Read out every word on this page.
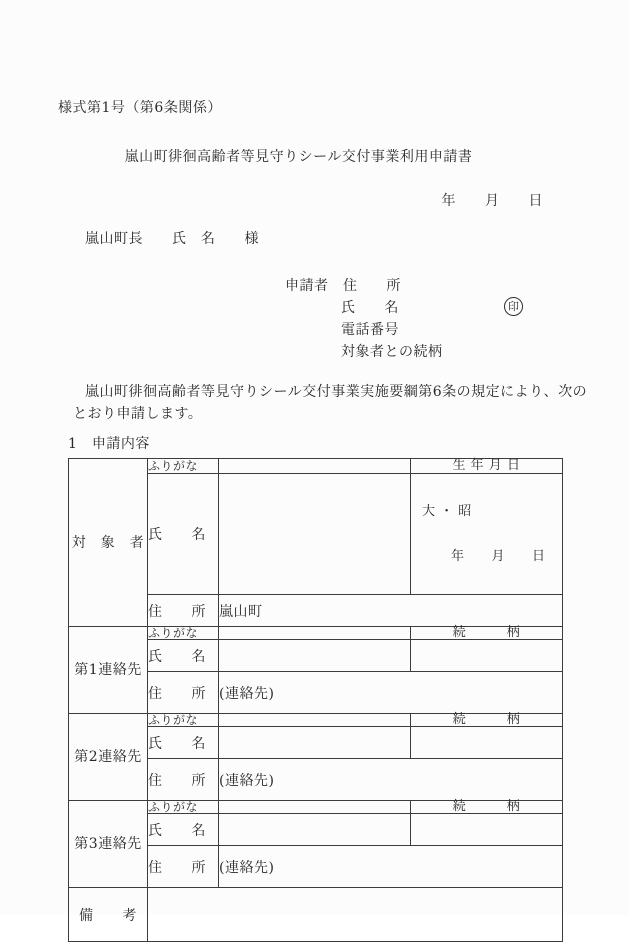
様式第1号（第6条関係）
嵐山町徘徊高齢者等見守りシール交付事業利用申請書
年　　月　　日
嵐山町長　　氏　名　　様
申請者　住　　所
氏　　名	印
電話番号
対象者との続柄
嵐山町徘徊高齢者等見守りシール交付事業実施要綱第6条の規定により、次の
とおり申請します。
1　申請内容
対　象　者	ふりがな		生 年 月 日
	氏　　名		大 ・ 昭

年　　月　　日

	住　　所	嵐山町	
第1連絡先	ふりがな		続　　　柄
	氏　　名		
	住　　所	(連絡先)	
第2連絡先	ふりがな		続　　　柄
	氏　　名		
	住　　所	(連絡先)	
第3連絡先	ふりがな		続　　　柄
	氏　　名		
	住　　所	(連絡先)	
備　　考			
